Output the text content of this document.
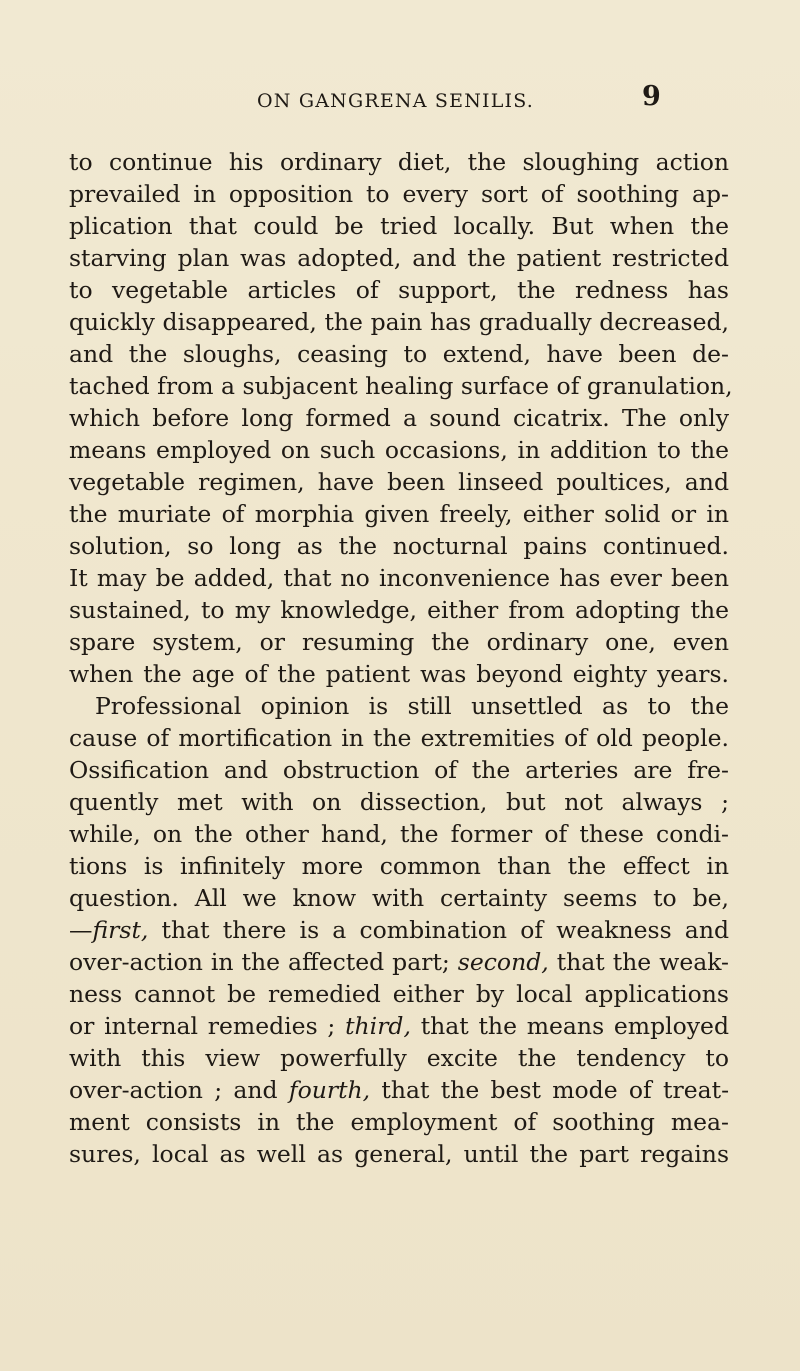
ON GANGRENA SENILIS.	9
to continue his ordinary diet, the sloughing action
prevailed in opposition to every sort of soothing ap-
plication that could be tried locally. But when the
starving plan was adopted, and the patient restricted
to vegetable articles of support, the redness has
quickly disappeared, the pain has gradually decreased,
and the sloughs, ceasing to extend, have been de-
tached from a subjacent healing surface of granulation,
which before long formed a sound cicatrix. The only
means employed on such occasions, in addition to the
vegetable regimen, have been linseed poultices, and
the muriate of morphia given freely, either solid or in
solution, so long as the nocturnal pains continued.
It may be added, that no inconvenience has ever been
sustained, to my knowledge, either from adopting the
spare system, or resuming the ordinary one, even
when the age of the patient was beyond eighty years.
Professional opinion is still unsettled as to the
cause of mortification in the extremities of old people.
Ossification and obstruction of the arteries are fre-
quently met with on dissection, but not always ;
while, on the other hand, the former of these condi-
tions is infinitely more common than the effect in
question. All we know with certainty seems to be,
—first, that there is a combination of weakness and
over-action in the affected part; second, that the weak-
ness cannot be remedied either by local applications
or internal remedies ; third, that the means employed
with this view powerfully excite the tendency to
over-action ; and fourth, that the best mode of treat-
ment consists in the employment of soothing mea-
sures, local as well as general, until the part regains
